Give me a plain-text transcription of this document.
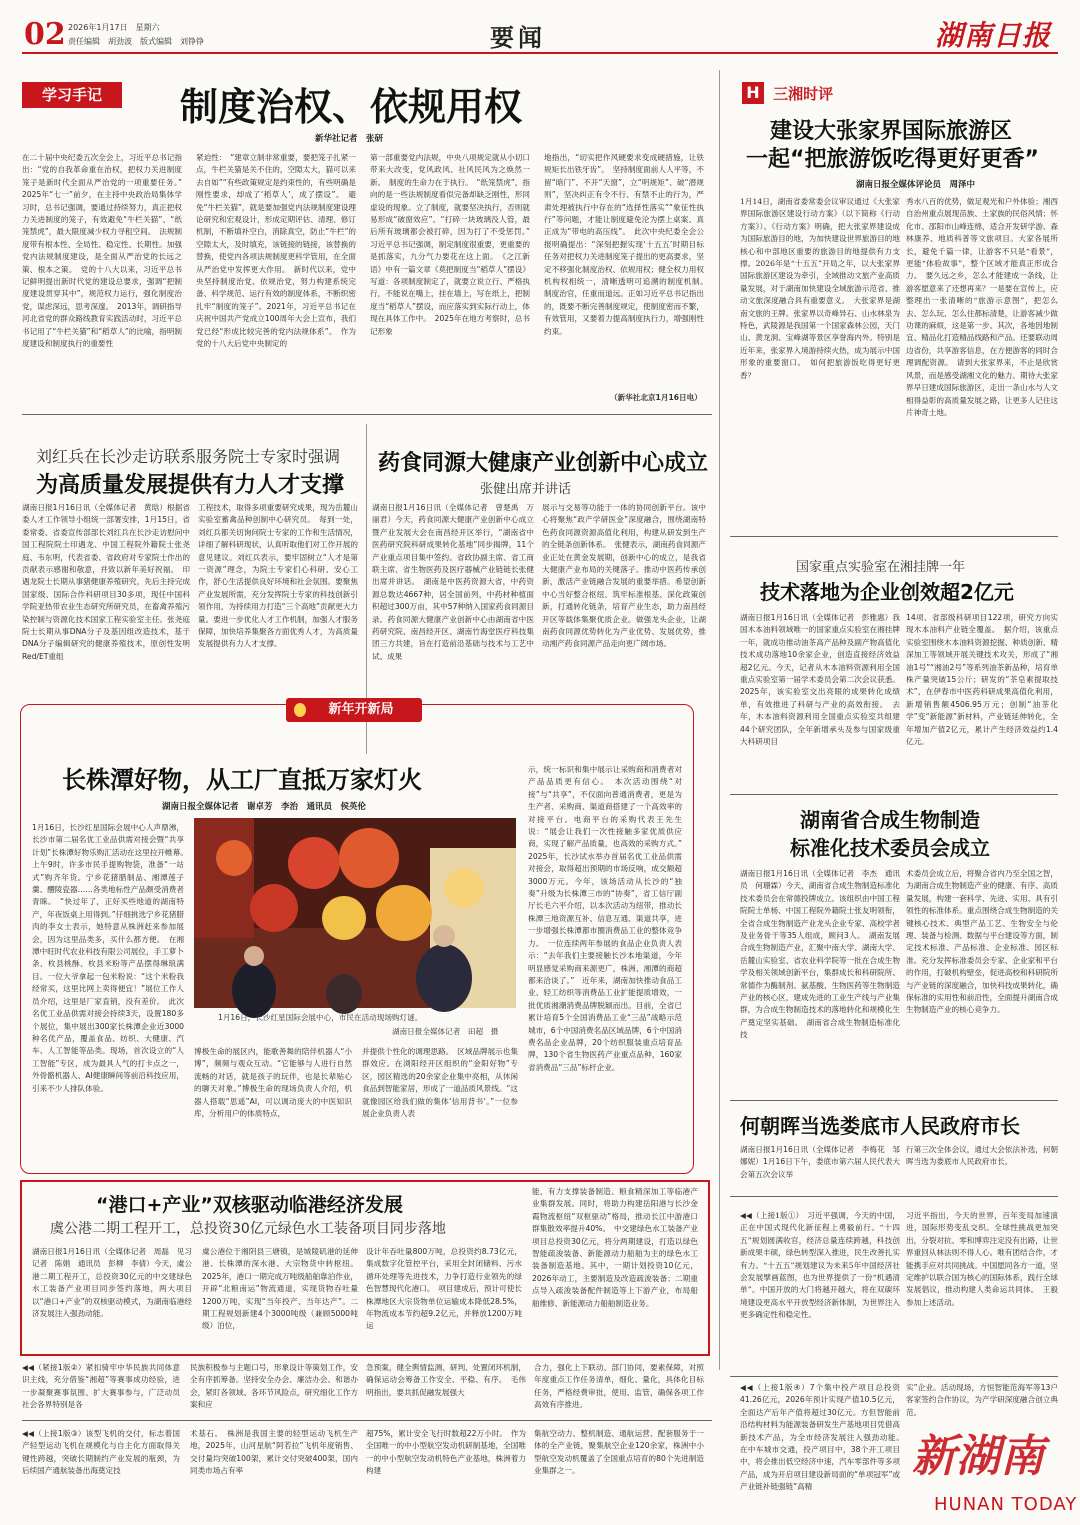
02 2026年1月17日　星期六
责任编辑　胡劲波　版式编辑　刘铮铮	要闻	湖南日报
学习手记	制度治权、依规用权
新华社记者　张研
在二十届中央纪委五次全会上，习近平总书记指出：“党的自我革命重在治权，把权力关进制度笼子是新时代全面从严治党的一项重要任务。”　2025年“七一”前夕，在主持中央政治局集体学习时，总书记强调，要通过持续努力，真正把权力关进制度的笼子，有效避免“牛栏关猫”、“纸笼禁虎”，最大限度减少权力寻租空间。　法规制度带有根本性、全局性、稳定性、长期性。加强党内法规制度建设，是全面从严治党的长远之策、根本之策。　党的十八大以来，习近平总书记鲜明提出新时代党的建设总要求，强调“把制度建设贯穿其中”，规范权力运行，强化制度治党，谋虑深远，思考深邃。　2013年，调研指导河北省党的群众路线教育实践活动时，习近平总书记用了“牛栏关猫”和“稻草人”的比喻，指明制度建设和制度执行的重要性
紧迫性：　“建章立制非常重要，要把笼子扎紧一点，牛栏关猫是关不住的，空隙太大，猫可以来去自如”“有些政策规定是约束性的，有些明确是刚性要求，却成了‘稻草人’，成了摆设”。　避免“牛栏关猫”，就是要加强党内法规制度建设理论研究和宏观设计，形成定期评估、清理、修订机制，不断填补空白，消除真空，防止“牛栏”的空隙太大，及时填充，该链接的链接，该替换的替换，使党内各项法规制度更科学管用，在全面从严治党中发挥更大作用。　新时代以来，党中央坚持制度治党、依规治党，努力构建系统完备、科学规范、运行有效的制度体系，不断织密扎牢“制度的笼子”。2021年，习近平总书记在庆祝中国共产党成立100周年大会上宣布，我们党已经“形成比较完善的党内法规体系”。　作为党的十八大后党中央制定的
第一部重要党内法规，中央八项规定就从小切口带来大改变，党风政风、社风民风为之焕然一新。　制度的生命力在于执行。　“纸笼禁虎”，指向的是一些法规制度看似完备却缺乏刚性，形同虚设的现象。立了制度，就要坚决执行，否则就易形成“破窗效应”。“打碎一块玻璃没人管，最后所有玻璃都会被打碎，因为打了不受惩罚。”　习近平总书记强调，制定制度很重要，更重要的是抓落实，九分气力要花在这上面。　《之江新语》中有一篇文章《莫把制度当“稻草人”摆设》写道：各项制度制定了，就要立说立行、严格执行，不能说在嘴上，挂在墙上，写在纸上，把制度当“稻草人”摆设，而应落实到实际行动上，体现在具体工作中。　2025年在地方考察时，总书记形象
地指出，“切实把作风硬要求变成硬措施，让铁规矩长出铁牙齿”。　坚持制度面前人人平等，不留“暗门”、不开“天窗”，立“明规矩”、破“潜规则”，坚决纠正有令不行、有禁不止的行为，严肃处理被执行中存在的“选择性落实”“象征性执行”等问题，才能让制度避免沦为摆上桌案、真正成为“带电的高压线”。　此次中央纪委全会公报明确提出：“深刻把握实现‘十五五’时期目标任务对把权力关进制度笼子提出的更高要求，坚定不移强化制度治权、依规用权；健全权力用权机构权相统一，清晰透明可追溯的制度机制。　制度治官，任重而道远。正如习近平总书记指出的，既要不断完善制度规定，使制度密而不繁，有效管用，又要着力提高制度执行力，增强刚性约束。
（新华社北京1月16日电）
H 三湘时评
建设大张家界国际旅游区
一起“把旅游饭吃得更好更香”
湖南日报全媒体评论员　周泽中
1月14日，湖南省委常委会议审议通过《大张家界国际旅游区建设行动方案》（以下简称《行动方案》）。《行动方案》明确，把大张家界建设成为国际旅游目的地，为加快建设世界旅游目的地核心和中部地区重要的旅游目的地提供有力支撑。2026年是“十五五”开局之年，以大张家界国际旅游区建设为牵引，全域推动文旅产业高质量发展，对于湖南加快建设全域旅游示范省、推动文旅深度融合具有重要意义。　大张家界是湖南文旅的王牌。张家界以奇峰异石、山水林泉为特色，武陵源是我国第一个国家森林公园，天门山、黄龙洞、宝峰湖等景区享誉海内外。特别是近年来，张家界入境游持续火热，成为展示中国形象的重要窗口。　如何把旅游饭吃得更好更香？
秀水八百的优势，做足观光和户外体验；湘西自治州重点展现苗族、土家族的民俗风情；怀化市、邵阳市山峰连绵，适合开发研学游、森林康养、地质科普等文旅项目。大家各展所长，避免千篇一律，让游客不只是“看景”，更能“体验故事”，整个区域才能真正形成合力。　要久远之乡，怎么才能建成一条线，让游客愿意来了还想再来？一是要在宣传上，应整理出一张清晰的“旅游示意图”，把怎么去、怎么玩、怎么住都标清楚，让游客减少做功课的麻烦，这是第一步。其次，各地因地制宜、精品化打造精品线路和产品。还要联动周边省份，共享游客信息，在方便游客的同时合理调配资源。　请到大张家界来，不止是欣赏风景，而是感受湖湘文化的魅力。期待大张家界早日建成国际旅游区，走出一条山水与人文相得益彰的高质量发展之路，让更多人记住这片神奇土地。
刘红兵在长沙走访联系服务院士专家时强调
为高质量发展提供有力人才支撑
湖南日报1月16日讯（全媒体记者　黄晗）根据省委人才工作领导小组统一部署安排，1月15日，省委常委、省委宣传部部长刘红兵在长沙走访慰问中国工程院院士印遇龙、中国工程院外籍院士张尧庭、韦东明，代表省委、省政府对专家院士作出的贡献表示感谢和敬意，并致以新年美好祝福。　印遇龙院士长期从事猪健康养殖研究，先后主持完成国家级、国际合作科研项目30多项，现任中国科学院亚热带农业生态研究所研究员，在畜禽养殖污染控制与资源化技术国家工程实验室主任。张尧庭院士长期从事DNA分子及基因组改造技术，基于DNA分子编辑研究的健康养殖技术，原创性发明Red/ET重组
工程技术，取得多项重要研究成果，现为岳麓山实验室蓄禽品种创制中心研究员。　每到一处，刘红兵都关切询问院士专家的工作和生活情况，详细了解科研现状，认真听取他们对工作开展的意见建议。刘红兵表示，要牢固树立“人才是第一资源”理念，为院士专家们心科研、安心工作，舒心生活提供良好环境和社会氛围。要聚焦产业发展所需，充分发挥院士专家的科技创新引领作用，为持续用力打造“三个高地”贡献更大力量。要进一步优化人才工作机制，加强人才服务保障，加快培养集聚各方面优秀人才，为高质量发展提供有力人才支撑。
药食同源大健康产业创新中心成立
张健出席并讲话
湖南日报1月16日讯（全媒体记者　曾楚禹　万丽君）今天，药食同源大健康产业创新中心成立暨产业发展大会在南昌经开区举行，“湖南省中医药研究院科研成果转化基地”同步揭牌，11个产业重点项目集中签约。省政协副主席、省工商联主席、省生物医药及医疗器械产业链链长张健出席并讲话。　湖南是中医药资源大省，中药资源总数达4667种，居全国前列，中药材种植面积超过300万亩，其中57种纳入国家药食同源目录。药食同源大健康产业创新中心由湖南省中医药研究院、南昌经开区、湖南竹海堂医疗科技集团三方共建，旨在打造前沿基础与技术与工艺中试、成果
展示与交易等功能于一体的协同创新平台。该中心将聚焦“政产学研医金”深度融合，围绕湖南特色药食同源资源高值化利用，构建从研发到生产的全链条创新体系。　张健表示，湖南药食同源产业正处在黄金发展期，创新中心的成立，是我省大健康产业布局的关键落子。推动中医药传承创新，激活产业链融合发展的重要举措。希望创新中心当好整合枢纽、筑牢标准根基、深化政策创新，打通转化链条，培育产业生态，助力南昌经开区等载体集聚优质企业。做强龙头企业，让湖南药食同源优势转化为产业优势、发展优势，推动湘产药食同源产品走向更广阔市场。
国家重点实验室在湘挂牌一年
技术落地为企业创效超2亿元
湖南日报1月16日讯（全媒体记者　彭雅惠）我国木本油料领域唯一的国家重点实验室在湘挂牌一年，就成功推动油茶高产品种及副产物高值化技术成功落地10余家企业，创造直接经济效益超2亿元。今天，记者从木本油料资源利用全国重点实验室第一届学术委员会第二次会议获悉。2025年，该实验室交出亮眼的成果转化成绩单，有效推进了科研与产业的高效衔接。　去年，木本油料资源利用全国重点实验室共组建44个研究团队，全年新增承头及参与国家级重大科研项目
14项、省部级科研项目122项，研究方向实现木本油料产业链全覆盖。　据介绍，该重点实验室围绕木本油料资源挖掘、种质创新、精深加工等领域开展关键技术攻关，形成了“湘油1号”“湘油2号”等系列油茶新品种，培育单株产量突破15公斤；研发的“茶皂素提取技术”，在伊春市中医药科研成果高值化利用，新增销售额4506.95万元；创制“油茶化学”变“新能源”新材料，产业链延伸转化，全年增加产值2亿元，累计产生经济效益约1.4亿元。
湖南省合成生物制造
标准化技术委员会成立
湖南日报1月16日讯（全媒体记者　李杰　通讯员　何珊霖）今天，湖南省合成生物制造标准化技术委员会在常德投牌成立。该组织由中国工程院院士单杨、中国工程院外籍院士张友明领衔，全省合成生物制造产业龙头企业专家、高校学者及业务骨干等35人组成，顾问3人。　湖南发展合成生物制造产业，汇聚中南大学、湖南大学、岳麓山实验室、省农业科学院等一批在合成生物学及相关领域创新平台，集群成长和科研院所、常德作为酶制剂、氨基酸、生物医药等生物制造产业的核心区，建成先进的工业生产线与产业集群，为合成生物制造技术的落地转化和规模化生产奠定坚实基础。　湖南省合成生物制造标准化技
术委员会成立后，将聚合省内乃至全国之智，为湖南合成生物制造产业的健康、有序、高质量发展，构建一套科学、先进、实用、具有引领性的标准体系。重点围绕合成生物制造的关键核心技术、典型产品工艺、生物安全与伦理、装备与检测、数据与平台建设等方面，制定技术标准、产品标准、企业标准、园区标准。充分发挥标准委员会专家、企业家和平台的作用，打破机构壁垒，促进高校和科研院所与产业链的深度融合，加快科技成果转化，确保标准的实用性和前沿性，全面提升湖南合成生物制造产业的核心竞争力。
何朝晖当选娄底市人民政府市长
湖南日报1月16日讯（全媒体记者　李梅花　邹娜妮）1月16日下午，娄底市第六届人民代表大会第五次会议举
行第三次全体会议，通过大会依法补选，何朝晖当选为娄底市人民政府市长。
新年开新局
长株潭好物，从工厂直抵万家灯火
湖南日报全媒体记者　谢卓芳　李治　通讯员　侯英伦
1月16日，长沙红星国际会展中心人声鼎沸，长沙市第二届名优工业品供需对接会暨“共享计划”长株潭好物乐购汇活动在这里拉开帷幕。　上午9时，许多市民手提购物袋，准备“一站式”购齐年货。宁乡花猪腊制品、湘潭莲子羹、醴陵瓷器……各类地标性产品颇受消费者青睐。　“快过年了，正好买些地道的湖南特产，年夜饭桌上用得到。”仔细挑选宁乡花猪腊肉的李女士表示，她特意从株洲赶来参加展会，因为这里品类多，买什么都方便。　在湘潭中旺时代农业科技有限公司展位，手工萝卜条、枚县桃酥、枚县米粉等产品摆得琳琅满目。一位大爷拿起一包米粉说：“这个米粉我经常买，这里比网上卖得便宜！”展位工作人员介绍，这里是厂家直销，没有差价。　此次名优工业品供需对接会持续3天，设置180多个展位，集中展出300家长株潭企业近3000种名优产品，覆盖食品、纺织、大健康、汽车、人工智能等品类。现场，首次设立的“人工智能”专区，成为最具人气的打卡点之一，外骨骼机器人、AI健康瞬间等前沿科技应用，引来不少人排队体验。
1月16日，长沙红星国际会展中心，市民在活动现场购灯谜。
湖南日报全媒体记者　田超　摄
博极生命的展区内，能歌善舞的陪伴机器人“小博”，频频与观众互动。“它能够与人进行自然流畅的对话，就是孩子的玩伴，也是长辈贴心的聊天对象。”博极生命的现场负责人介绍，机器人搭载“思遥”AI，可以调动庞大的中医知识库，分析用户的体质特点，
并提供个性化的调理思路。　区域品牌展示也集群效应。在浏阳经开区组织的“金阳好物”专区，园区精选的20余家企业集中亮相，从休闲食品到智能家居，形成了一道品质风景线。“这就像园区给我们做的集体‘信用背书’。”一位参展企业负责人表
示，统一标识和集中展示让采购商和消费者对产品品质更有信心。　本次活动围绕“对接”与“共享”，不仅面向普通消费者，更是为生产者、采购商、渠道商搭建了一个高效率的对接平台。电商平台的采购代表王先生说：“展会让我们一次性接触多家优质供应商，实现了解产品质量，也高效的采购方式。”　2025年，长沙试水举办首届名优工业品供需对接会，取得超出预期的市场反响，成交额超3000万元。今年，该场活动从长沙的“独奏”升级为长株潭三市的“协奏”，省工信厅副厅长毛六平介绍，以本次活动为纽带，推动长株潭三地资源互补、信息互通、渠道共享，进一步增强长株潭都市圈消费品工业的整体竞争力。　一位连续两年参展的食品企业负责人表示：“去年我们主要接触长沙本地渠道，今年明显感觉采购商来源更广，株洲、湘潭的商超都来洽谈了。”　近年来，湖南加快推动食品工业、轻工纺织等消费品工业扩能提质增效，一批优质湘潮消费品牌脱颖而出。目前，全省已累计培育5个全国消费品工业“三品”战略示范城市，6个中国消费名品区域品牌，6个中国消费名品企业品牌，20个纺织服装重点培育品牌，130个省生物医药产业重点品种，160家省消费品“三品”标杆企业。
“港口+产业”双核驱动临港经济发展
虞公港二期工程开工，总投资30亿元绿色水工装备项目同步落地
湖南日报1月16日讯（全媒体记者　周磊　见习记者　陈娟　通讯员　彭柳　李倩）今天，虞公港二期工程开工，总投资30亿元的中交建绿色水工装备产业项目同步签约落地，两大项目以“港口+产业”的双核驱动模式，为湖南临港经济发展注入强劲动能。
虞公港位于湘阴县三塘镇，是城陵矶港的延伸港、长株潭的深水港、大宗物货中转枢纽。2025年，港口一期完成万吨级船舶靠泊作业，开辟“北粮南运”物流通道，实现货物吞吐量1200万吨，实现“当年投产、当年达产”。二期工程规划新建4个3000吨级（兼顾5000吨级）泊位，
设计年吞吐量800万吨，总投资约8.73亿元，集成数字化管控平台，采用全封闭储料、污水循环处理等先进技术，力争打造行业领先的绿色智慧现代化港口。　项目建成后，预计可使长株潭地区大宗货物单位运输成本降低28.5%，年物流成本节约超9.2亿元，并释放1200万吨运
能，有力支撑装备制造、粮食精深加工等临港产业集群发展。同时，将助力构建岳阳港与长沙金霞物流枢纽“双枢驱动”格局，推动长江中游港口群集散效率提升40%。　中交建绿色水工装备产业项目总投资30亿元，将分两期建设，打造以绿色智能疏浚装备、新能源动力船舶为主的绿色水工装备制造基地。其中，一期计划投资10亿元，2026年动工，主要制造及改造疏浚装备；二期重点导入疏浚装备配件制造等上下游产业，布局船舶维修、新能源动力船舶制造业务。
◀◀（紧接1版②）紧扣骑牢中华民族共同体意识主线，充分借鉴“湘超”等赛事成功经验，进一步凝聚赛事氛围、扩大赛事参与，广泛动员社会各界特别是各
民族积极参与主题口号，形象设计等策划工作，安全有序抓筹备。坚持安全办会、廉洁办会、和谐办会，紧盯各领域、各环节风险点，研究细化工作方案和应
急预案，健全舆情监测、研判、处置闭环机制，确保运动会筹备工作安全、平稳、有序。　毛伟明指出，要共抓促融发展强大
合力，强化上下联动、部门协同，要素保障，对照年度重点工作任务清单，细化、量化，具体化目标任务，严格经费审批，使用、监管，确保各项工作高效有序推进。
◀◀（上接1版③）该型飞机的交付，标志着国产轻型运动飞机在规模化与自主化方面取得关键性跨越，突破长期制约产业发展的瓶颈，为后续国产通航装备出海奠定技
术基石。　株洲是我国主要的轻型运动飞机生产地，2025年，山河星航“阿若拉”飞机年度销售、交付量均突破100架，累计交付突破400架，国内同类市场占有率
超75%，累计安全飞行时数超22万小时。　作为全国唯一的中小型航空发动机研制基地，全国唯一的中小型航空发动机特色产业基地，株洲着力构建
集航空动力、整机制造、通航运营、配套服务于一体的全产业链，聚集航空企业120余家，株洲中小型航空发动机覆盖了全国重点培育的80个先进制造业集群之一。
◀◀（上接1版①）　习近平强调，今天的中国，正在中国式现代化新征程上勇毅前行。“十四五”规划圆满收官，经济总量连续跨越，科技创新成果丰硕，绿色转型深入推进，民生改善扎实有力。“十五五”规划建议为未来5年中国经济社会发展擘画蓝图，也为世界提供了一份“机遇清单”。中国开放的大门将越开越大，将在双碳环境建设更高水平开放型经济新体制，为世界注入更多确定性和稳定性。
习近平指出，今天的世界，百年变局加速演进，国际形势变乱交织。全球性挑战更加突出，分裂对抗、零和博弈注定没有出路，让世界重回从林法则不得人心。唯有团结合作，才能携手应对共同挑战。中国愿同各方一道，坚定维护以联合国为核心的国际体系，践行全球发展倡议，推动构建人类命运共同体。　王毅参加上述活动。
◀◀（上接1版④）7个集中投产项目总投资41.26亿元，2026年预计实现产值10.5亿元，全面达产后年产值将超过30亿元。方但智能前沿结构材料为能源装备研发生产基地项目凭借高新技术产品，为全市经济发展注入强劲动能。　在中车城市交通，投产项目中，38个开工项目中，将会推出低空经济中速，汽车零部件等多项产品，成为开启项目建设新局面的“单项冠军”或产业链补链强链“高精
实”企业。活动现场，方恒智能范海军等13户客家签约合作协议，为产学研深度融合创立典范。
新湖南
HUNAN TODAY
